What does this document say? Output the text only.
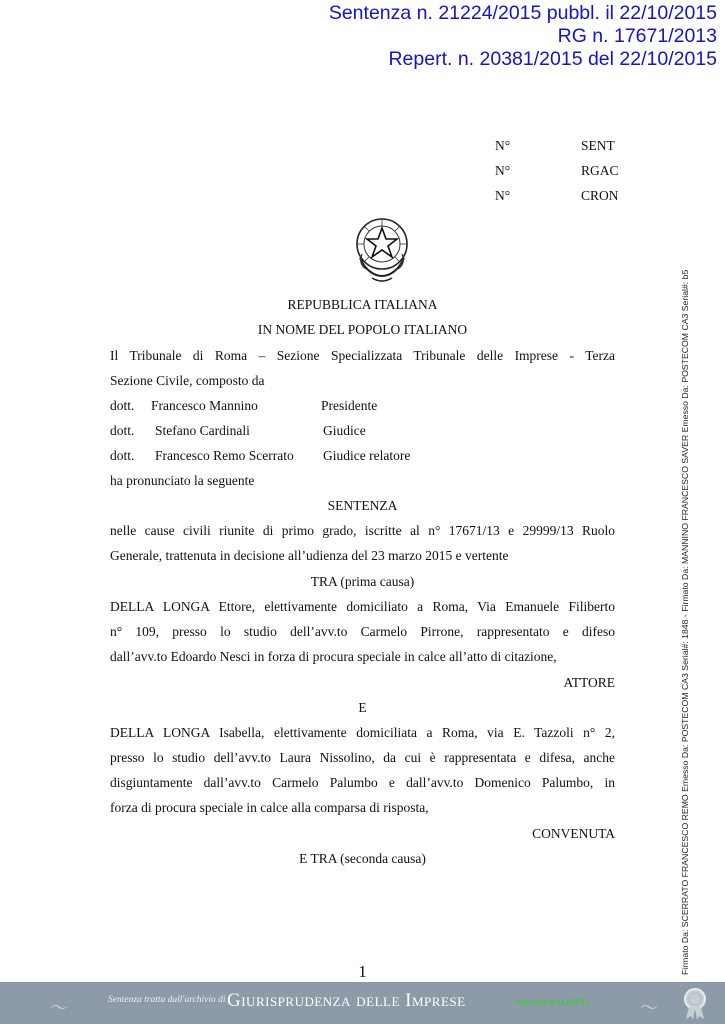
Sentenza n. 21224/2015 pubbl. il 22/10/2015
RG n. 17671/2013
Repert. n. 20381/2015 del 22/10/2015
N°	SENT
N°	RGAC
N°	CRON
—
REPUBBLICA ITALIANA
IN NOME DEL POPOLO ITALIANO
Il Tribunale di Roma – Sezione Specializzata Tribunale delle Imprese - Terza
Sezione Civile, composto da
dott. Francesco Mannino	Presidente
dott. Stefano Cardinali	Giudice
dott. Francesco Remo Scerrato Giudice relatore
ha pronunciato la seguente
SENTENZA
nelle cause civili riunite di primo grado, iscritte al n° 17671/13 e 29999/13 Ruolo
Generale, trattenuta in decisione all’udienza del 23 marzo 2015 e vertente
TRA (prima causa)
DELLA LONGA Ettore, elettivamente domiciliato a Roma, Via Emanuele Filiberto
n° 109, presso lo studio dell’avv.to Carmelo Pirrone, rappresentato e difeso
dall’avv.to Edoardo Nesci in forza di procura speciale in calce all’atto di citazione,
ATTORE
E
DELLA LONGA Isabella, elettivamente domiciliata a Roma, via E. Tazzoli n° 2,
presso lo studio dell’avv.to Laura Nissolino, da cui è rappresentata e difesa, anche
disgiuntamente dall’avv.to Carmelo Palumbo e dall’avv.to Domenico Palumbo, in
forza di procura speciale in calce alla comparsa di risposta,
CONVENUTA
E TRA (seconda causa)
1	Firmato Da: SCERRATO FRANCESCO REMO Emesso Da: POSTECOM CA3 Serial#: 1848 - Firmato Da: MANNINO FRANCESCO SAVER Emesso Da: POSTECOM CA3 Serial#: b5
〜	Sentenza tratta dall'archivio di Giurisprudenza delle Imprese	http://bit.ly/1LB0FD	〜
